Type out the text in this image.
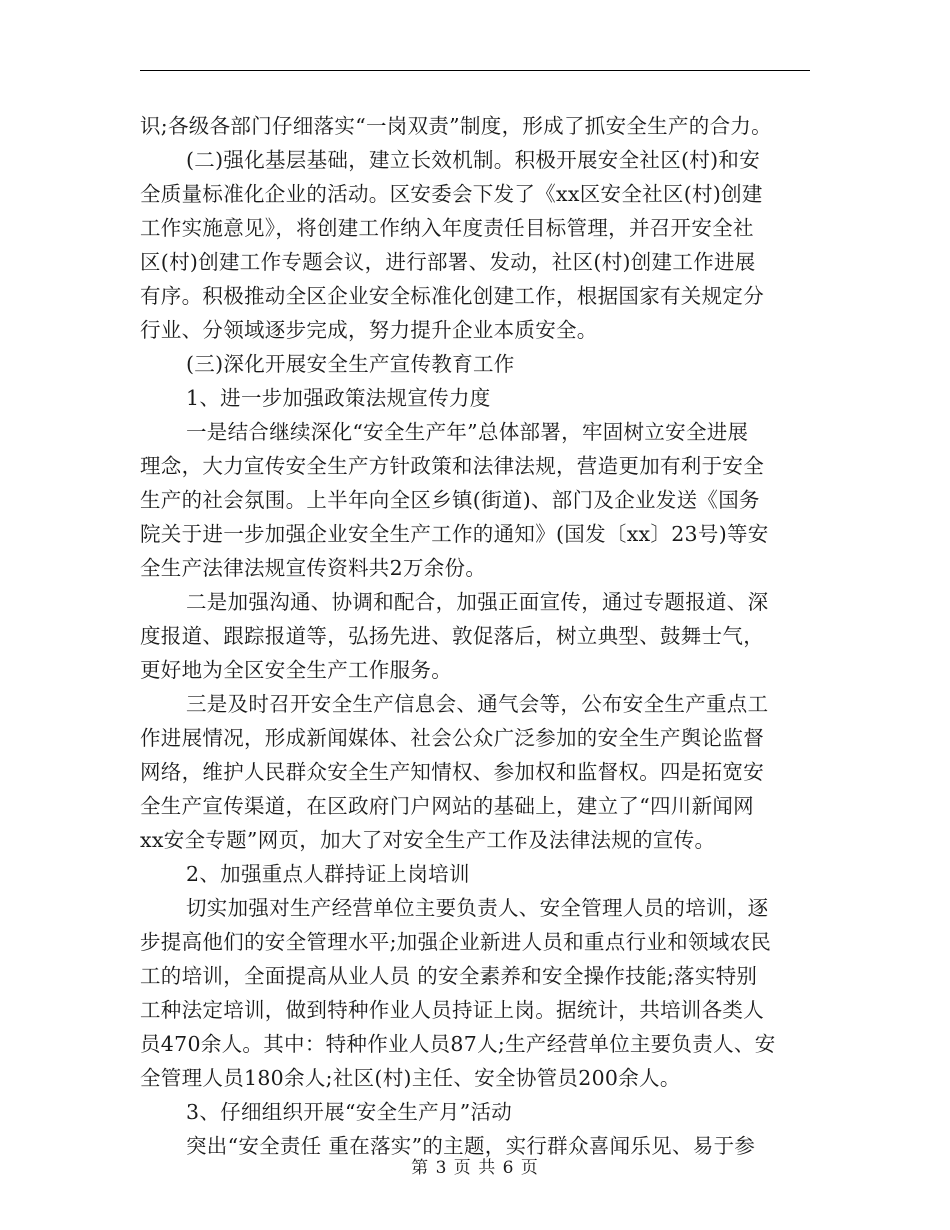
识;各级各部门仔细落实“一岗双责”制度，形成了抓安全生产的合力。
(二)强化基层基础，建立长效机制。积极开展安全社区(村)和安
全质量标准化企业的活动。区安委会下发了《xx区安全社区(村)创建
工作实施意见》，将创建工作纳入年度责任目标管理，并召开安全社
区(村)创建工作专题会议，进行部署、发动，社区(村)创建工作进展
有序。积极推动全区企业安全标准化创建工作，根据国家有关规定分
行业、分领域逐步完成，努力提升企业本质安全。
(三)深化开展安全生产宣传教育工作
1、进一步加强政策法规宣传力度
一是结合继续深化“安全生产年”总体部署，牢固树立安全进展
理念，大力宣传安全生产方针政策和法律法规，营造更加有利于安全
生产的社会氛围。上半年向全区乡镇(街道)、部门及企业发送《国务
院关于进一步加强企业安全生产工作的通知》(国发〔xx〕23号)等安
全生产法律法规宣传资料共2万余份。
二是加强沟通、协调和配合，加强正面宣传，通过专题报道、深
度报道、跟踪报道等，弘扬先进、敦促落后，树立典型、鼓舞士气，
更好地为全区安全生产工作服务。
三是及时召开安全生产信息会、通气会等，公布安全生产重点工
作进展情况，形成新闻媒体、社会公众广泛参加的安全生产舆论监督
网络，维护人民群众安全生产知情权、参加权和监督权。四是拓宽安
全生产宣传渠道，在区政府门户网站的基础上，建立了“四川新闻网
xx安全专题”网页，加大了对安全生产工作及法律法规的宣传。
2、加强重点人群持证上岗培训
切实加强对生产经营单位主要负责人、安全管理人员的培训，逐
步提高他们的安全管理水平;加强企业新进人员和重点行业和领域农民
工的培训，全面提高从业人员 的安全素养和安全操作技能;落实特别
工种法定培训，做到特种作业人员持证上岗。据统计，共培训各类人
员470余人。其中：特种作业人员87人;生产经营单位主要负责人、安
全管理人员180余人;社区(村)主任、安全协管员200余人。
3、仔细组织开展“安全生产月”活动
突出“安全责任 重在落实”的主题，实行群众喜闻乐见、易于参
第 3 页 共 6 页
